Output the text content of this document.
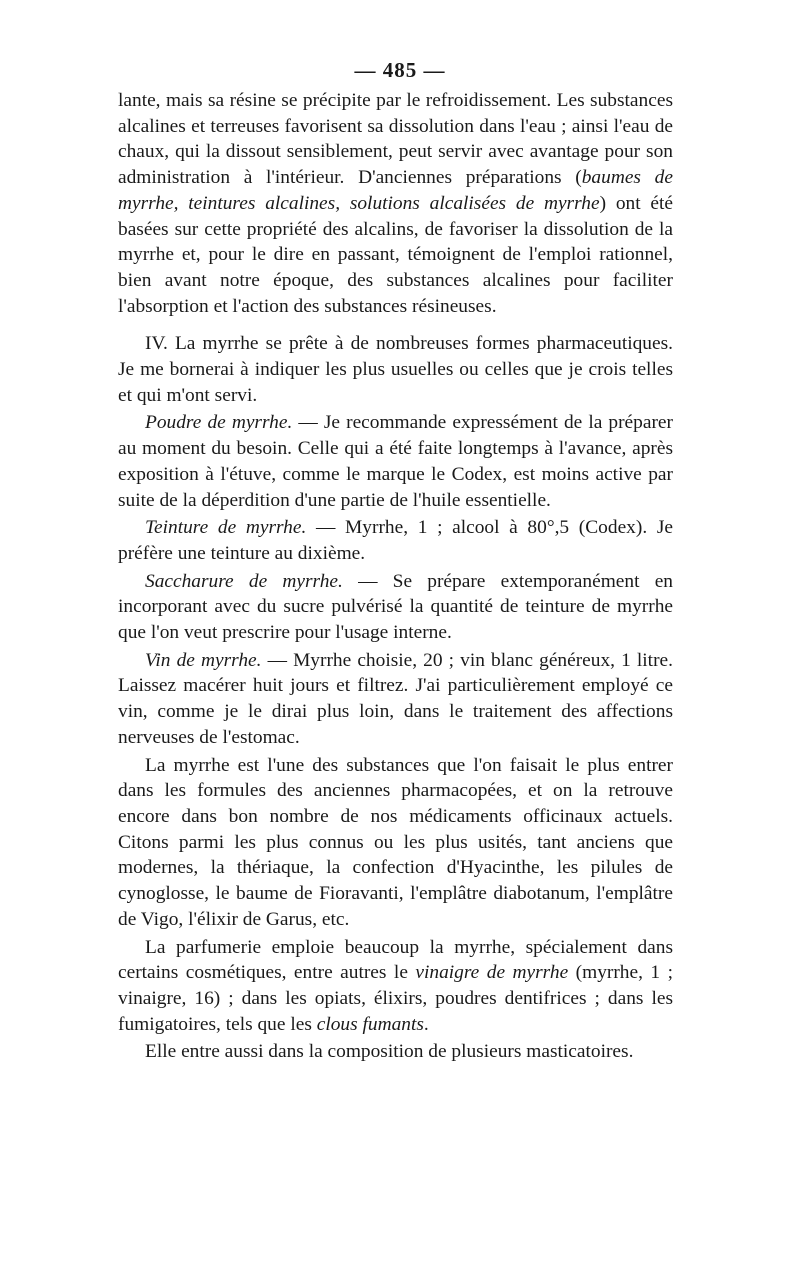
— 485 —

lante, mais sa résine se précipite par le refroidissement. Les substances alcalines et terreuses favorisent sa dissolution dans l'eau ; ainsi l'eau de chaux, qui la dissout sensiblement, peut servir avec avantage pour son administration à l'intérieur. D'anciennes préparations (baumes de myrrhe, teintures alcalines, solutions alcalisées de myrrhe) ont été basées sur cette propriété des alcalins, de favoriser la dissolution de la myrrhe et, pour le dire en passant, témoignent de l'emploi rationnel, bien avant notre époque, des substances alcalines pour faciliter l'absorption et l'action des substances résineuses.

IV. La myrrhe se prête à de nombreuses formes pharmaceutiques. Je me bornerai à indiquer les plus usuelles ou celles que je crois telles et qui m'ont servi.

Poudre de myrrhe. — Je recommande expressément de la préparer au moment du besoin. Celle qui a été faite longtemps à l'avance, après exposition à l'étuve, comme le marque le Codex, est moins active par suite de la déperdition d'une partie de l'huile essentielle.

Teinture de myrrhe. — Myrrhe, 1 ; alcool à 80°,5 (Codex). Je préfère une teinture au dixième.

Saccharure de myrrhe. — Se prépare extemporanément en incorporant avec du sucre pulvérisé la quantité de teinture de myrrhe que l'on veut prescrire pour l'usage interne.

Vin de myrrhe. — Myrrhe choisie, 20 ; vin blanc généreux, 1 litre. Laissez macérer huit jours et filtrez. J'ai particulièrement employé ce vin, comme je le dirai plus loin, dans le traitement des affections nerveuses de l'estomac.

La myrrhe est l'une des substances que l'on faisait le plus entrer dans les formules des anciennes pharmacopées, et on la retrouve encore dans bon nombre de nos médicaments officinaux actuels. Citons parmi les plus connus ou les plus usités, tant anciens que modernes, la thériaque, la confection d'Hyacinthe, les pilules de cynoglosse, le baume de Fioravanti, l'emplâtre diabotanum, l'emplâtre de Vigo, l'élixir de Garus, etc.

La parfumerie emploie beaucoup la myrrhe, spécialement dans certains cosmétiques, entre autres le vinaigre de myrrhe (myrrhe, 1 ; vinaigre, 16) ; dans les opiats, élixirs, poudres dentifrices ; dans les fumigatoires, tels que les clous fumants.

Elle entre aussi dans la composition de plusieurs masticatoires.
